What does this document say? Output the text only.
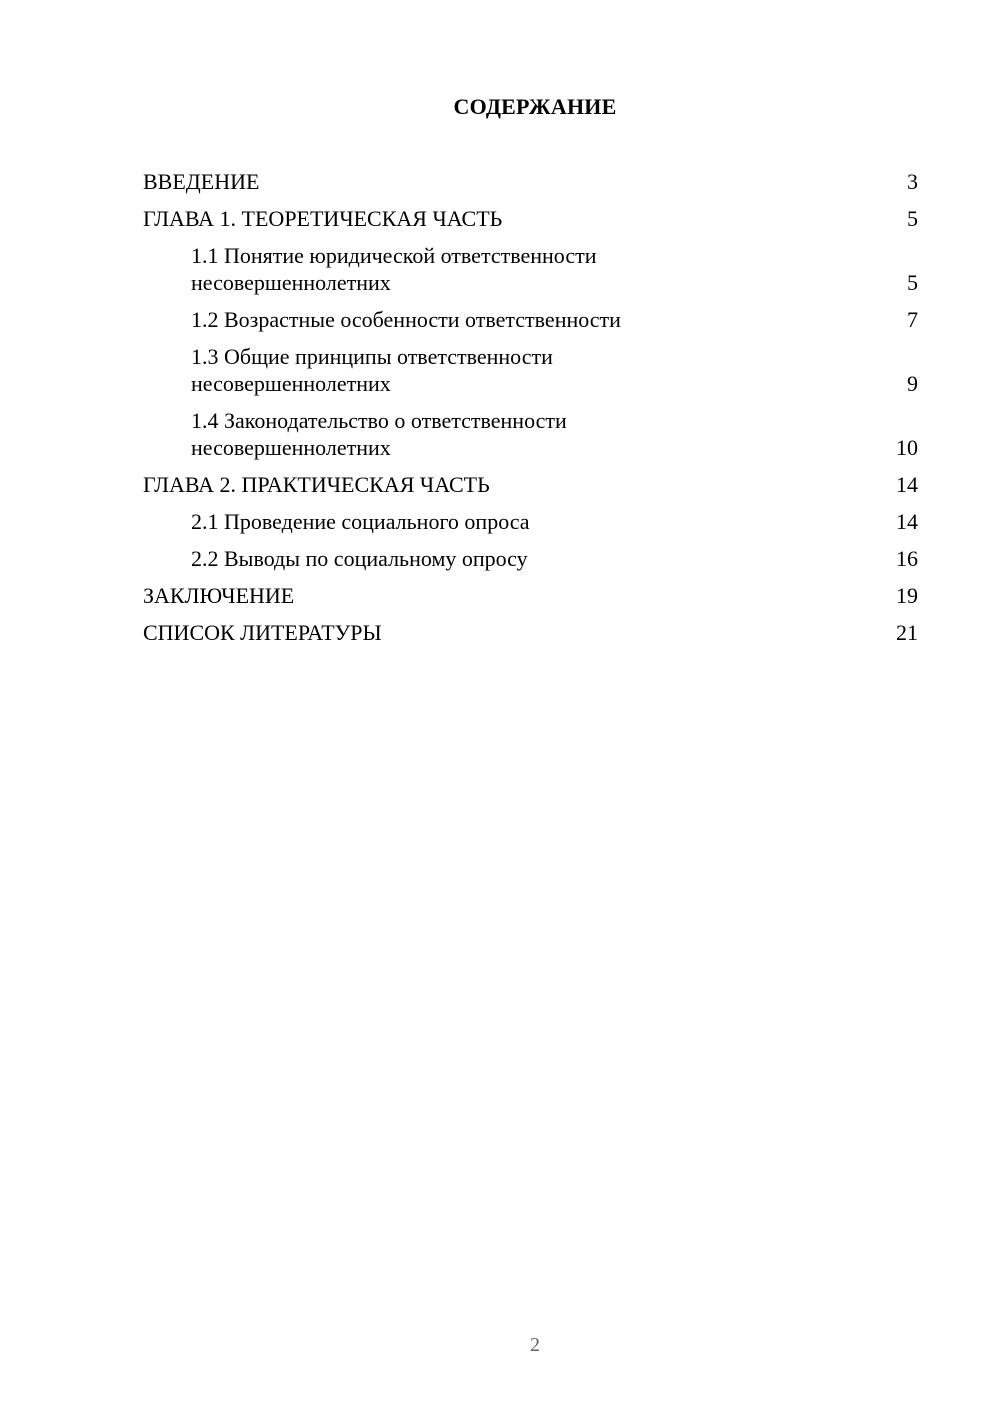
СОДЕРЖАНИЕ
ВВЕДЕНИЕ	3
ГЛАВА 1. ТЕОРЕТИЧЕСКАЯ ЧАСТЬ	5
1.1 Понятие юридической ответственности несовершеннолетних	5
1.2 Возрастные особенности ответственности	7
1.3 Общие принципы ответственности несовершеннолетних	9
1.4 Законодательство о ответственности несовершеннолетних	10
ГЛАВА 2. ПРАКТИЧЕСКАЯ ЧАСТЬ	14
2.1 Проведение социального опроса	14
2.2 Выводы по социальному опросу	16
ЗАКЛЮЧЕНИЕ	19
СПИСОК ЛИТЕРАТУРЫ	21
2
